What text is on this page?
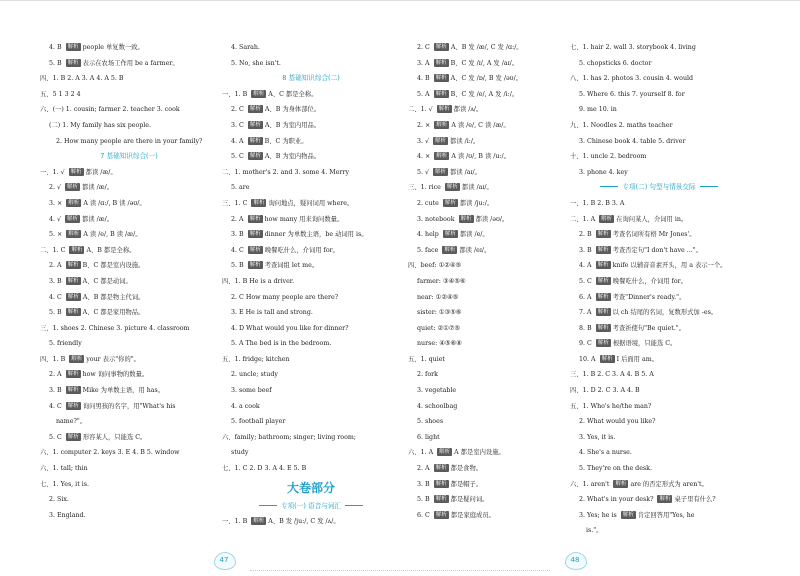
4. B 解析 people 单复数一致。
5. B 解析 表示在农场工作用 be a farmer。
四、1. B 2. A 3. A 4. A 5. B
五、5 1 3 2 4
六、(一) 1. cousin; farmer 2. teacher 3. cook
(二) 1. My family has six people.
2. How many people are there in your family?
7 基础知识综合(一)
一、1. √ 解析 都读 /æ/。
2. √ 解析 都读 /æ/。
3. × 解析 A 读 /ɑ:/, B 读 /əʊ/。
4. √ 解析 都读 /æ/。
5. × 解析 A 读 /e/, B 读 /æ/。
二、1. C 解析 A、B 都是全称。
2. A 解析 B、C 都是室内设施。
3. B 解析 A、C 都是动词。
4. C 解析 A、B 都是物主代词。
5. B 解析 A、C 都是家用物品。
三、1. shoes 2. Chinese 3. picture 4. classroom
5. friendly
四、1. B 解析 your 表示"你的"。
2. A 解析 how 询问事物的数量。
3. B 解析 Mike 为单数主语，用 has。
4. C 解析 询问男孩的名字，用"What's his
name?"。
5. C 解析 形容某人，只能选 C。
六、1. computer 2. keys 3. E 4. B 5. window
六、1. tall; thin
七、1. Yes, it is.
2. Six.
3. England.
4. Sarah.
5. No, she isn't.
8 基础知识综合(二)
一、1. B 解析 A、C 都是全称。
2. C 解析 A、B 为身体部位。
3. C 解析 A、B 为室内用品。
4. A 解析 B、C 为职业。
5. C 解析 A、B 为室内物品。
二、1. mother's 2. and 3. some 4. Merry
5. are
三、1. C 解析 询问地点，疑问词用 where。
2. A 解析 how many 用来询问数量。
3. B 解析 dinner 为单数主语，be 动词用 is。
4. C 解析 晚餐吃什么，介词用 for。
5. B 解析 考查词组 let me。
四、1. B He is a driver.
2. C How many people are there?
3. E He is tall and strong.
4. D What would you like for dinner?
5. A The bed is in the bedroom.
五、1. fridge; kitchen
2. uncle; study
3. some beef
4. a cook
5. football player
六、family; bathroom; singer; living room;
study
七、1. C 2. D 3. A 4. E 5. B
大卷部分
专项(一) 语音与词汇
一、1. B 解析 A、B 发 /ju:/, C 发 /ʌ/。
47
2. C 解析 A、B 发 /æ/, C 发 /ɑ:/。
3. A 解析 B、C 发 /ɪ/, A 发 /aɪ/。
4. B 解析 A、C 发 /ɒ/, B 发 /əʊ/。
5. A 解析 B、C 发 /e/, A 发 /i:/。
二、1. √ 解析 都读 /ʌ/。
2. × 解析 A 读 /e/, C 读 /æ/。
3. √ 解析 都读 /i:/。
4. × 解析 A 读 /ʊ/, B 读 /u:/。
5. √ 解析 都读 /aɪ/。
三、1. rice 解析 都读 /aɪ/。
2. cute 解析 都读 /ju:/。
3. notebook 解析 都读 /əʊ/。
4. help 解析 都读 /e/。
5. face 解析 都读 /eɪ/。
四、beef: ①②④⑤
farmer: ③④⑤⑥
near: ①②④⑤
sister: ①③⑤⑥
quiet: ②①⑦⑤
nurse: ④⑤⑥⑧
五、1. quiet
2. fork
3. vegetable
4. schoolbag
5. shoes
6. light
六、1. A 解析 A 都是室内设施。
2. A 解析 都是食物。
3. B 解析 都是帽子。
5. B 解析 都是疑问词。
6. C 解析 都是家庭成员。
七、1. hair 2. wall 3. storybook 4. living
5. chopsticks 6. doctor
八、1. has 2. photos 3. cousin 4. would
5. Where 6. this 7. yourself 8. for
9. me 10. in
九、1. Noodles 2. maths teacher
3. Chinese book 4. table 5. driver
十、1. uncle 2. bedroom
3. phone 4. key
专项(二) 句型与情景交际
一、1. B 2. B 3. A
二、1. A 解析 在询问某人，介词用 in。
2. B 解析 考查名词所有格 Mr Jones'。
3. B 解析 考查否定句"I don't have ..."。
4. A 解析 knife 以辅音音素开头，用 a 表示一个。
5. C 解析 晚餐吃什么，介词用 for。
6. A 解析 考查"Dinner's ready."。
7. A 解析 以 ch 结尾的名词，复数形式加 -es。
8. B 解析 考查祈使句"Be quiet."。
9. C 解析 根据语境，只能选 C。
10. A 解析 I 后面用 am。
三、1. B 2. C 3. A 4. B 5. A
四、1. D 2. C 3. A 4. B
五、1. Who's he/the man?
2. What would you like?
3. Yes, it is.
4. She's a nurse.
5. They're on the desk.
六、1. aren't 解析 are 的否定形式为 aren't。
2. What's in your desk? 解析 桌子里有什么?
3. Yes; he is 解析 肯定回答用"Yes, he
is."。
48
